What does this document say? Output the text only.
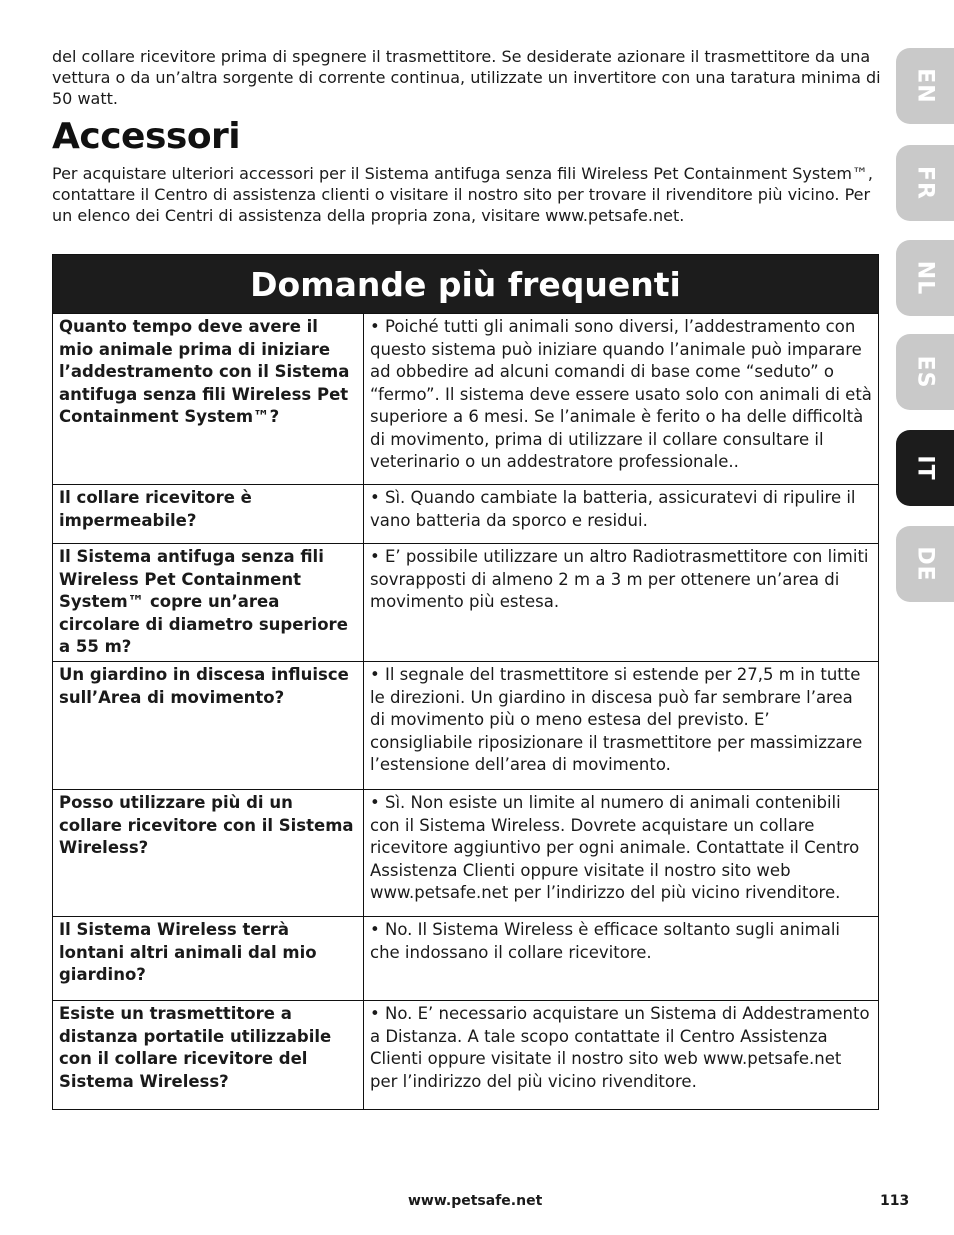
del collare ricevitore prima di spegnere il trasmettitore. Se desiderate azionare il trasmettitore da una vettura o da un’altra sorgente di corrente continua, utilizzate un invertitore con una taratura minima di 50 watt.

Accessori

Per acquistare ulteriori accessori per il Sistema antifuga senza fili Wireless Pet Containment System™, contattare il Centro di assistenza clienti o visitare il nostro sito per trovare il rivenditore più vicino. Per un elenco dei Centri di assistenza della propria zona, visitare www.petsafe.net.

Domande più frequenti
Quanto tempo deve avere il mio animale prima di iniziare l’addestramento con il Sistema antifuga senza fili Wireless Pet Containment System™?
• Poiché tutti gli animali sono diversi, l’addestramento con questo sistema può iniziare quando l’animale può imparare ad obbedire ad alcuni comandi di base come “seduto” o “fermo”. Il sistema deve essere usato solo con animali di età superiore a 6 mesi. Se l’animale è ferito o ha delle difficoltà di movimento, prima di utilizzare il collare consultare il veterinario o un addestratore professionale..
Il collare ricevitore è impermeabile?
• Sì. Quando cambiate la batteria, assicuratevi di ripulire il vano batteria da sporco e residui.
Il Sistema antifuga senza fili Wireless Pet Containment System™ copre un’area circolare di diametro superiore a 55 m?
• E’ possibile utilizzare un altro Radiotrasmettitore con limiti sovrapposti di almeno 2 m a 3 m per ottenere un’area di movimento più estesa.
Un giardino in discesa influisce sull’Area di movimento?
• Il segnale del trasmettitore si estende per 27,5 m in tutte le direzioni. Un giardino in discesa può far sembrare l’area di movimento più o meno estesa del previsto. E’ consigliabile riposizionare il trasmettitore per massimizzare l’estensione dell’area di movimento.
Posso utilizzare più di un collare ricevitore con il Sistema Wireless?
• Sì. Non esiste un limite al numero di animali contenibili con il Sistema Wireless. Dovrete acquistare un collare ricevitore aggiuntivo per ogni animale. Contattate il Centro Assistenza Clienti oppure visitate il nostro sito web www.petsafe.net per l’indirizzo del più vicino rivenditore.
Il Sistema Wireless terrà lontani altri animali dal mio giardino?
• No. Il Sistema Wireless è efficace soltanto sugli animali che indossano il collare ricevitore.
Esiste un trasmettitore a distanza portatile utilizzabile con il collare ricevitore del Sistema Wireless?
• No. E’ necessario acquistare un Sistema di Addestramento a Distanza. A tale scopo contattate il Centro Assistenza Clienti oppure visitate il nostro sito web www.petsafe.net per l’indirizzo del più vicino rivenditore.
EN
FR
NL
ES
IT
DE
www.petsafe.net	113
